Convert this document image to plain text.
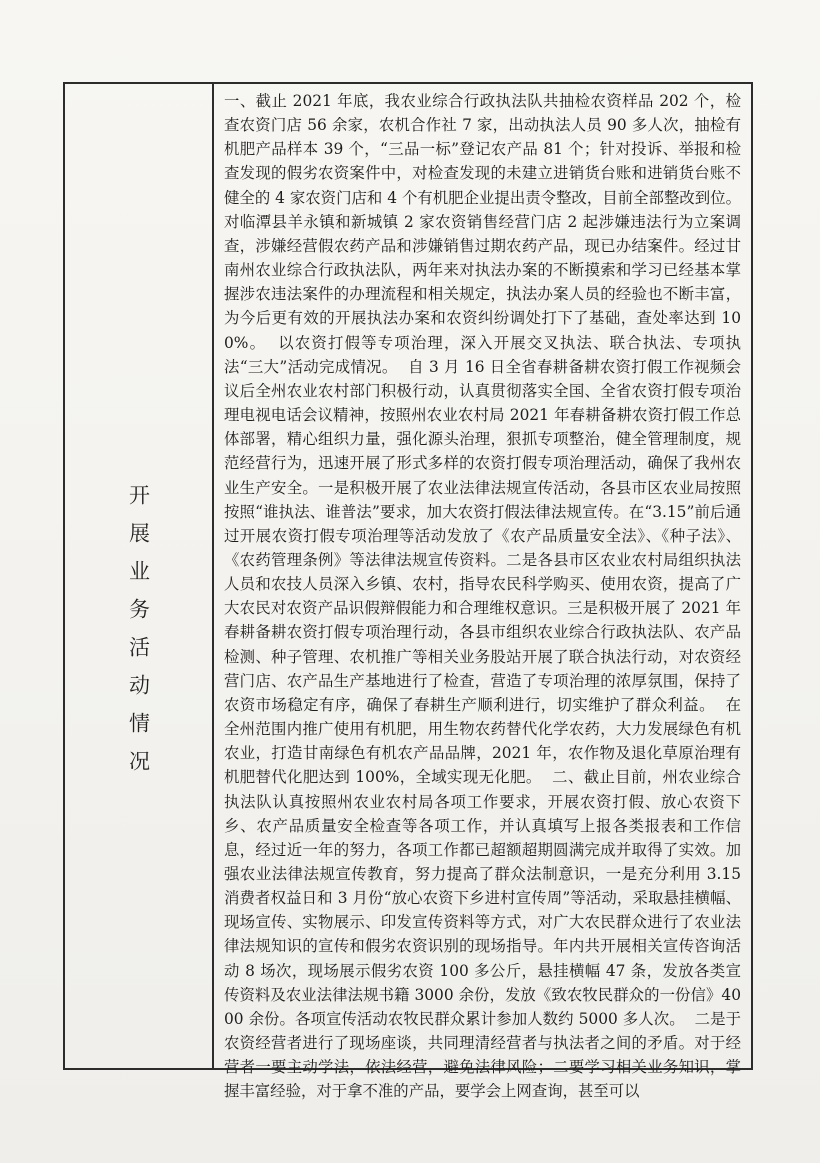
开展业务活动情况

一、截止 2021 年底，我农业综合行政执法队共抽检农资样品 202 个，检查农资门店 56 余家，农机合作社 7 家，出动执法人员 90 多人次，抽检有机肥产品样本 39 个，“三品一标”登记农产品 81 个；针对投诉、举报和检查发现的假劣农资案件中，对检查发现的未建立进销货台账和进销货台账不健全的 4 家农资门店和 4 个有机肥企业提出责令整改，目前全部整改到位。对临潭县羊永镇和新城镇 2 家农资销售经营门店 2 起涉嫌违法行为立案调查，涉嫌经营假农药产品和涉嫌销售过期农药产品，现已办结案件。经过甘南州农业综合行政执法队，两年来对执法办案的不断摸索和学习已经基本掌握涉农违法案件的办理流程和相关规定，执法办案人员的经验也不断丰富，为今后更有效的开展执法办案和农资纠纷调处打下了基础，查处率达到 100%。  以农资打假等专项治理，深入开展交叉执法、联合执法、专项执法“三大”活动完成情况。  自 3 月 16 日全省春耕备耕农资打假工作视频会议后全州农业农村部门积极行动，认真贯彻落实全国、全省农资打假专项治理电视电话会议精神，按照州农业农村局 2021 年春耕备耕农资打假工作总体部署，精心组织力量，强化源头治理，狠抓专项整治，健全管理制度，规范经营行为，迅速开展了形式多样的农资打假专项治理活动，确保了我州农业生产安全。一是积极开展了农业法律法规宣传活动，各县市区农业局按照按照“谁执法、谁普法”要求，加大农资打假法律法规宣传。在“3.15”前后通过开展农资打假专项治理等活动发放了《农产品质量安全法》、《种子法》、《农药管理条例》等法律法规宣传资料。二是各县市区农业农村局组织执法人员和农技人员深入乡镇、农村，指导农民科学购买、使用农资，提高了广大农民对农资产品识假辩假能力和合理维权意识。三是积极开展了 2021 年春耕备耕农资打假专项治理行动，各县市组织农业综合行政执法队、农产品检测、种子管理、农机推广等相关业务股站开展了联合执法行动，对农资经营门店、农产品生产基地进行了检查，营造了专项治理的浓厚氛围，保持了农资市场稳定有序，确保了春耕生产顺利进行，切实维护了群众利益。  在全州范围内推广使用有机肥，用生物农药替代化学农药，大力发展绿色有机农业，打造甘南绿色有机农产品品牌，2021 年，农作物及退化草原治理有机肥替代化肥达到 100%，全域实现无化肥。  二、截止目前，州农业综合执法队认真按照州农业农村局各项工作要求，开展农资打假、放心农资下乡、农产品质量安全检查等各项工作，并认真填写上报各类报表和工作信息，经过近一年的努力，各项工作都已超额超期圆满完成并取得了实效。加强农业法律法规宣传教育，努力提高了群众法制意识，一是充分利用 3.15 消费者权益日和 3 月份“放心农资下乡进村宣传周”等活动，采取悬挂横幅、现场宣传、实物展示、印发宣传资料等方式，对广大农民群众进行了农业法律法规知识的宣传和假劣农资识别的现场指导。年内共开展相关宣传咨询活动 8 场次，现场展示假劣农资 100 多公斤，悬挂横幅 47 条，发放各类宣传资料及农业法律法规书籍 3000 余份，发放《致农牧民群众的一份信》4000 余份。各项宣传活动农牧民群众累计参加人数约 5000 多人次。  二是于农资经营者进行了现场座谈，共同理清经营者与执法者之间的矛盾。对于经营者一要主动学法，依法经营，避免法律风险；二要学习相关业务知识，掌握丰富经验，对于拿不准的产品，要学会上网查询，甚至可以
